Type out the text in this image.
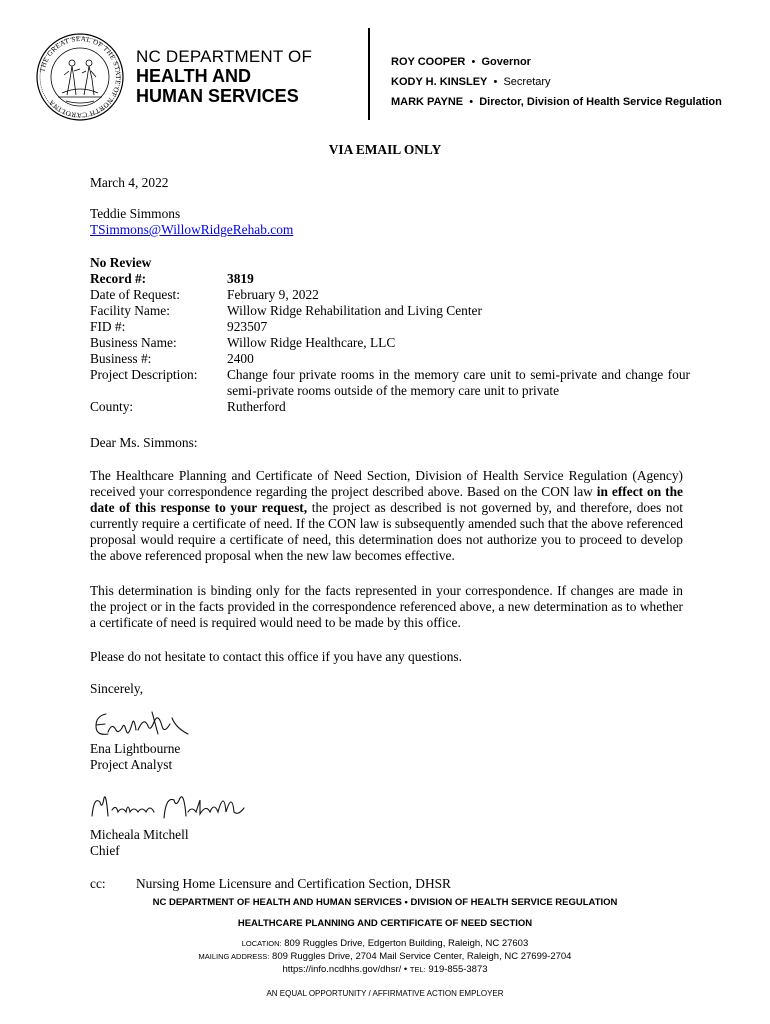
THE GREAT SEAL OF THE STATE OF NORTH CAROLINA
NC DEPARTMENT OF
HEALTH AND
HUMAN SERVICES
ROY COOPER  •  Governor
KODY H. KINSLEY  •  Secretary
MARK PAYNE  •  Director, Division of Health Service Regulation
VIA EMAIL ONLY
March 4, 2022
Teddie Simmons
TSimmons@WillowRidgeRehab.com
No Review
Record #:	3819
Date of Request:	February 9, 2022
Facility Name:	Willow Ridge Rehabilitation and Living Center
FID #:	923507
Business Name:	Willow Ridge Healthcare, LLC
Business #:	2400
Project Description:	Change four private rooms in the memory care unit to semi-private and change four semi-private rooms outside of the memory care unit to private
County:	Rutherford
Dear Ms. Simmons:
The Healthcare Planning and Certificate of Need Section, Division of Health Service Regulation (Agency) received your correspondence regarding the project described above. Based on the CON law in effect on the date of this response to your request, the project as described is not governed by, and therefore, does not currently require a certificate of need. If the CON law is subsequently amended such that the above referenced proposal would require a certificate of need, this determination does not authorize you to proceed to develop the above referenced proposal when the new law becomes effective.
This determination is binding only for the facts represented in your correspondence. If changes are made in the project or in the facts provided in the correspondence referenced above, a new determination as to whether a certificate of need is required would need to be made by this office.
Please do not hesitate to contact this office if you have any questions.
Sincerely,
Ena Lightbourne
Project Analyst
Micheala Mitchell
Chief
cc:	Nursing Home Licensure and Certification Section, DHSR
NC DEPARTMENT OF HEALTH AND HUMAN SERVICES • DIVISION OF HEALTH SERVICE REGULATION
HEALTHCARE PLANNING AND CERTIFICATE OF NEED SECTION
LOCATION: 809 Ruggles Drive, Edgerton Building, Raleigh, NC 27603
MAILING ADDRESS: 809 Ruggles Drive, 2704 Mail Service Center, Raleigh, NC 27699-2704
https://info.ncdhhs.gov/dhsr/ • TEL: 919-855-3873
AN EQUAL OPPORTUNITY / AFFIRMATIVE ACTION EMPLOYER
